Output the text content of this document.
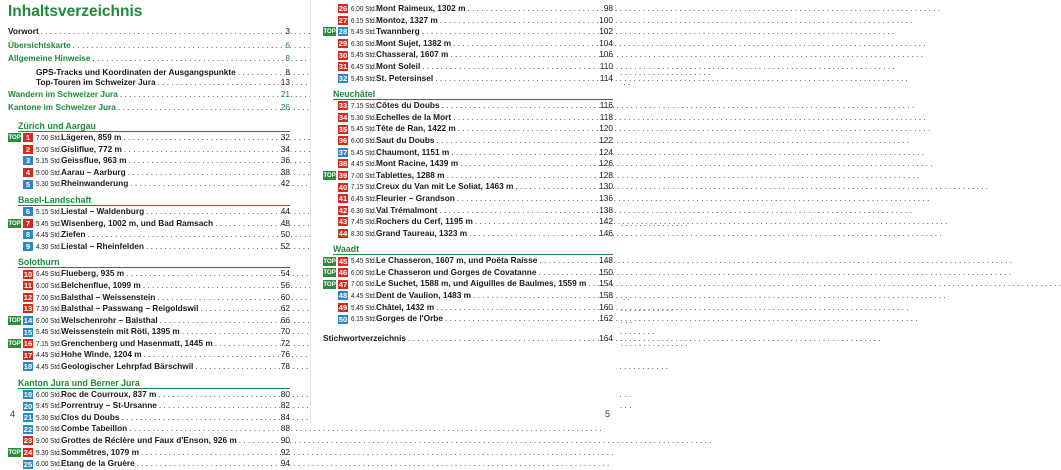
Inhaltsverzeichnis
Vorwort . . .	3
Übersichtskarte . . .	6
Allgemeine Hinweise . . .	8
GPS-Tracks und Koordinaten der Ausgangspunkte . . .	8
Top-Touren im Schweizer Jura . . .	13
Wandern im Schweizer Jura . . .	21
Kantone im Schweizer Jura . . .	26
Zürich und Aargau
TOP 1 7.00 Std. Lägeren, 859 m . . .	32
2 5.00 Std. Gisliflue, 772 m . . .	34
3 5.15 Std. Geissflue, 963 m . . .	36
4 5.00 Std. Aarau – Aarburg . . .	38
5 5.30 Std. Rheinwanderung . . .	42
Basel-Landschaft
6 5.15 Std. Liestal – Waldenburg . . .	44
TOP 7 5.45 Std. Wisenberg, 1002 m, und Bad Ramsach . . .	48
8 4.45 Std. Ziefen . . .	50
9 4.30 Std. Liestal – Rheinfelden . . .	52
Solothurn
10 6.45 Std. Flueberg, 935 m . . .	54
11 6.00 Std. Belchenflue, 1099 m . . .	56
12 7.00 Std. Balsthal – Weissenstein . . .	60
13 7.30 Std. Balsthal – Passwang – Reigoldswil . . .	62
TOP 14 6.00 Std. Welschenrohr – Balsthal . . .	66
15 5.45 Std. Weissenstein mit Röti, 1395 m . . .	70
TOP 16 7.15 Std. Grenchenberg und Hasenmatt, 1445 m . . .	72
17 4.45 Std. Hohe Winde, 1204 m . . .	76
18 4.45 Std. Geologischer Lehrpfad Bärschwil . . .	78
Kanton Jura und Berner Jura
19 6.00 Std. Roc de Courroux, 837 m . . .	80
20 5.45 Std. Porrentruy – St-Ursanne . . .	82
21 5.30 Std. Clos du Doubs . . .	84
22 5.00 Std. Combe Tabeillon . . .	88
23 9.00 Std. Grottes de Réclère und Faux d'Enson, 926 m . . .	90
TOP 24 5.30 Std. Sommêtres, 1079 m . . .	92
25 6.00 Std. Etang de la Gruère . . .	94
4
26 6.00 Std. Mont Raimeux, 1302 m . . .	98
27 6.15 Std. Montoz, 1327 m . . .	100
TOP 28 5.45 Std. Twannberg . . .	102
29 6.30 Std. Mont Sujet, 1382 m . . .	104
30 5.45 Std. Chasseral, 1607 m . . .	106
31 6.45 Std. Mont Soleil . . .	110
32 5.45 Std. St. Petersinsel . . .	114
Neuchâtel
33 7.15 Std. Côtes du Doubs . . .	116
34 5.30 Std. Echelles de la Mort . . .	118
35 5.45 Std. Tête de Ran, 1422 m . . .	120
36 6.00 Std. Saut du Doubs . . .	122
37 5.45 Std. Chaumont, 1151 m . . .	124
38 4.45 Std. Mont Racine, 1439 m . . .	126
TOP 39 7.00 Std. Tablettes, 1288 m . . .	128
40 7.15 Std. Creux du Van mit Le Soliat, 1463 m . . .	130
41 6.45 Std. Fleurier – Grandson . . .	136
42 6.30 Std. Val Trémalmont . . .	138
43 7.45 Std. Rochers du Cerf, 1195 m . . .	142
44 8.30 Std. Grand Taureau, 1323 m . . .	146
Waadt
TOP 45 5.45 Std. Le Chasseron, 1607 m, und Poëta Raisse . . .	148
TOP 46 6.00 Std. Le Chasseron und Gorges de Covatanne . . .	150
TOP 47 7.00 Std. Le Suchet, 1588 m, und Aiguilles de Baulmes, 1559 m . . . 154
48 4.45 Std. Dent de Vaulion, 1483 m . . .	158
49 5.45 Std. Châtel, 1432 m . . .	160
50 6.15 Std. Gorges de l'Orbe . . .	162
Stichwortverzeichnis . . .	164
5
